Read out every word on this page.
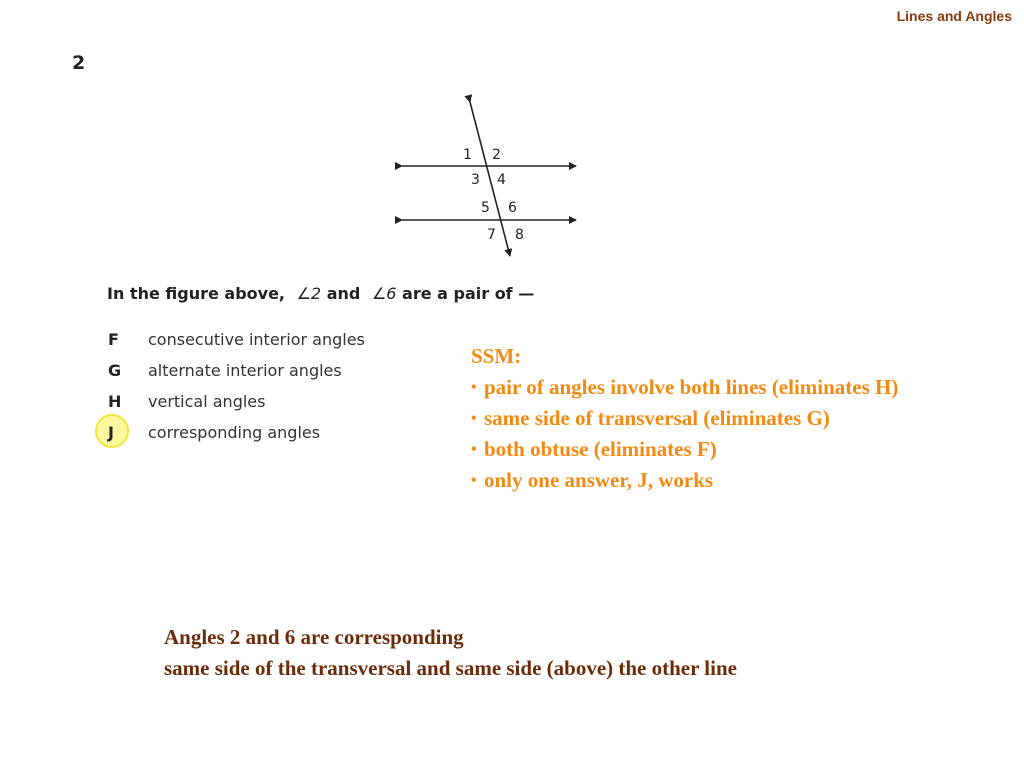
Lines and Angles
2
1 2
3 4
5 6
7 8
In the figure above, ∠2 and ∠6 are a pair of —
F consecutive interior angles
G alternate interior angles
H vertical angles
J corresponding angles
SSM:
• pair of angles involve both lines (eliminates H)
• same side of transversal (eliminates G)
• both obtuse (eliminates F)
• only one answer, J, works
Angles 2 and 6 are corresponding
same side of the transversal and same side (above) the other line
